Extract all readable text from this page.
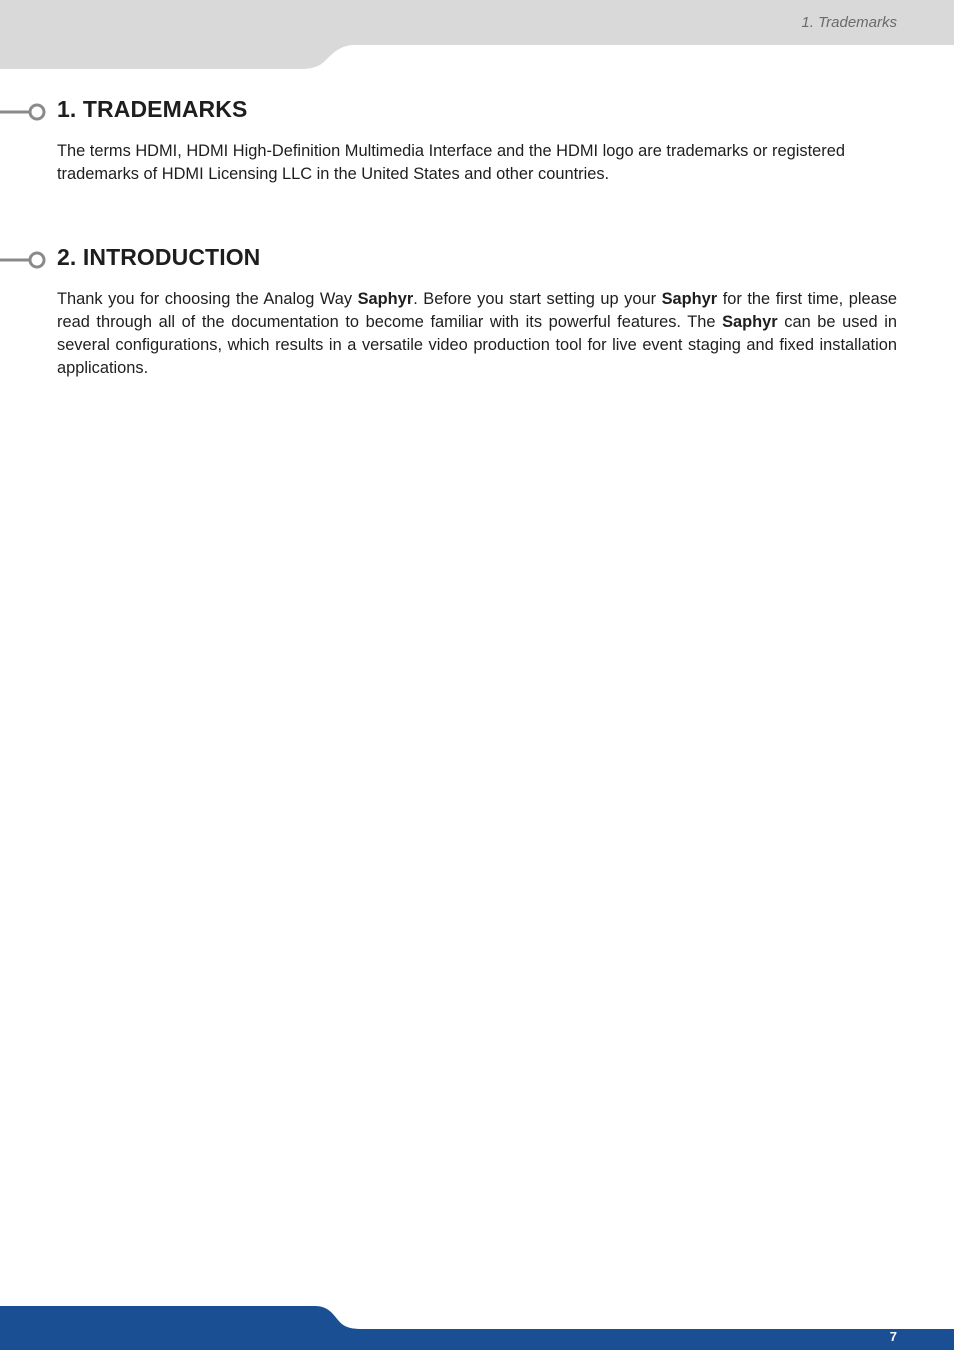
1. Trademarks
1. TRADEMARKS

The terms HDMI, HDMI High-Definition Multimedia Interface and the HDMI logo are trademarks or registered trademarks of HDMI Licensing LLC in the United States and other countries.

2. INTRODUCTION

Thank you for choosing the Analog Way Saphyr. Before you start setting up your Saphyr for the first time, please read through all of the documentation to become familiar with its powerful features. The Saphyr can be used in several configurations, which results in a versatile video production tool for live event staging and fixed installation applications.

7
